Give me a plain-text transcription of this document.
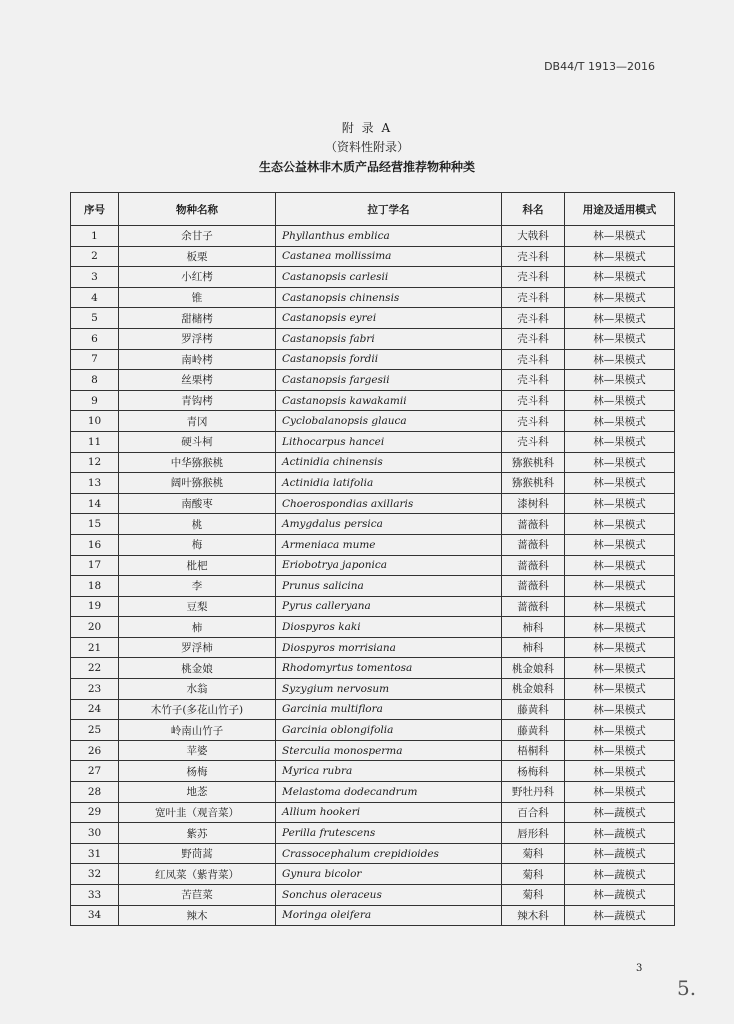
DB44/T 1913—2016
附 录 A
（资料性附录）
生态公益林非木质产品经营推荐物种种类
序号	物种名称	拉丁学名	科名	用途及适用模式
1	余甘子	Phyllanthus emblica	大戟科	林—果模式
2	板栗	Castanea mollissima	壳斗科	林—果模式
3	小红栲	Castanopsis carlesii	壳斗科	林—果模式
4	锥	Castanopsis chinensis	壳斗科	林—果模式
5	甜槠栲	Castanopsis eyrei	壳斗科	林—果模式
6	罗浮栲	Castanopsis fabri	壳斗科	林—果模式
7	南岭栲	Castanopsis fordii	壳斗科	林—果模式
8	丝栗栲	Castanopsis fargesii	壳斗科	林—果模式
9	青钩栲	Castanopsis kawakamii	壳斗科	林—果模式
10	青冈	Cyclobalanopsis glauca	壳斗科	林—果模式
11	硬斗柯	Lithocarpus hancei	壳斗科	林—果模式
12	中华猕猴桃	Actinidia chinensis	猕猴桃科	林—果模式
13	阔叶猕猴桃	Actinidia latifolia	猕猴桃科	林—果模式
14	南酸枣	Choerospondias axillaris	漆树科	林—果模式
15	桃	Amygdalus persica	蔷薇科	林—果模式
16	梅	Armeniaca mume	蔷薇科	林—果模式
17	枇杷	Eriobotrya japonica	蔷薇科	林—果模式
18	李	Prunus salicina	蔷薇科	林—果模式
19	豆梨	Pyrus calleryana	蔷薇科	林—果模式
20	柿	Diospyros kaki	柿科	林—果模式
21	罗浮柿	Diospyros morrisiana	柿科	林—果模式
22	桃金娘	Rhodomyrtus tomentosa	桃金娘科	林—果模式
23	水翁	Syzygium nervosum	桃金娘科	林—果模式
24	木竹子(多花山竹子)	Garcinia multiflora	藤黄科	林—果模式
25	岭南山竹子	Garcinia oblongifolia	藤黄科	林—果模式
26	苹婆	Sterculia monosperma	梧桐科	林—果模式
27	杨梅	Myrica rubra	杨梅科	林—果模式
28	地菍	Melastoma dodecandrum	野牡丹科	林—果模式
29	宽叶韭（观音菜）	Allium hookeri	百合科	林—蔬模式
30	紫苏	Perilla frutescens	唇形科	林—蔬模式
31	野茼蒿	Crassocephalum crepidioides	菊科	林—蔬模式
32	红凤菜（紫背菜）	Gynura bicolor	菊科	林—蔬模式
33	苦苣菜	Sonchus oleraceus	菊科	林—蔬模式
34	辣木	Moringa oleifera	辣木科	林—蔬模式
3
5.
